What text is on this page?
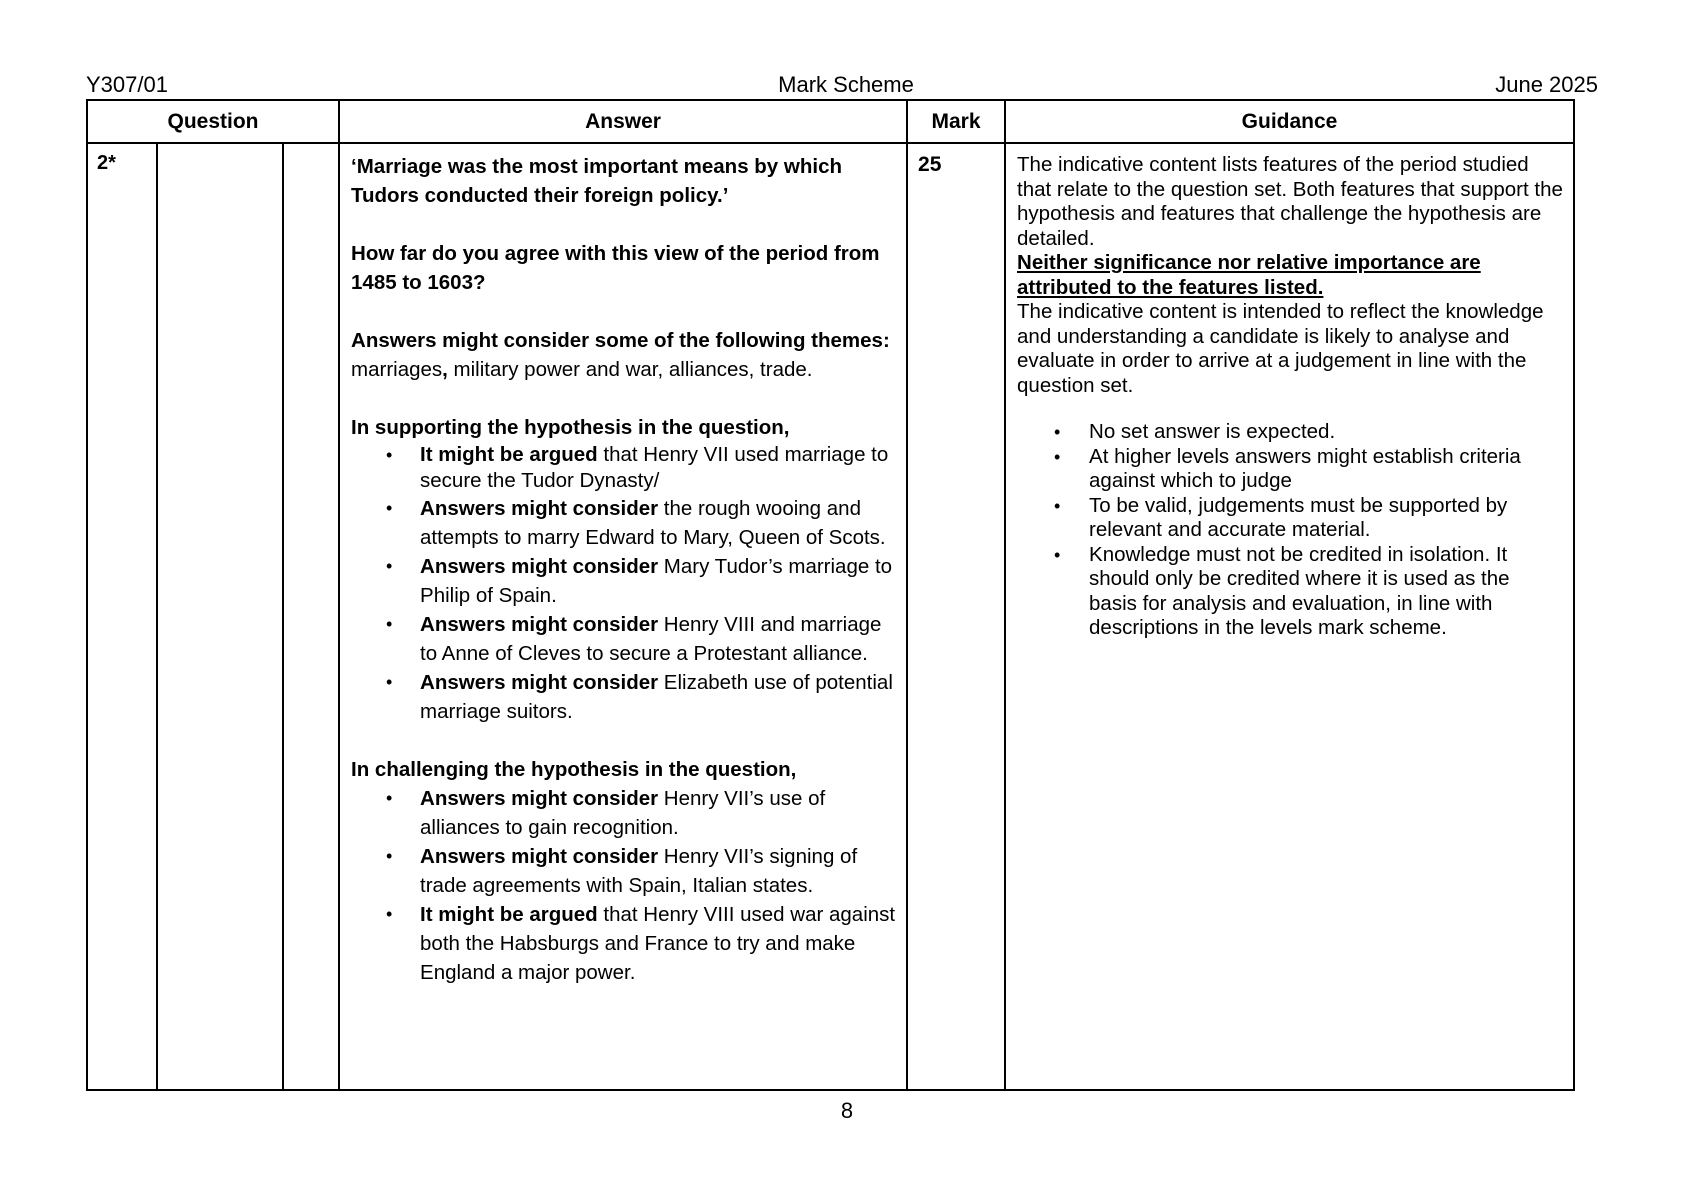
Y307/01	Mark Scheme	June 2025
Question			Answer	Mark	Guidance

2*			‘Marriage was the most important means by which Tudors conducted their foreign policy.’

How far do you agree with this view of the period from 1485 to 1603?

Answers might consider some of the following themes: marriages, military power and war, alliances, trade.

In supporting the hypothesis in the question,

• It might be argued that Henry VII used marriage to secure the Tudor Dynasty/
• Answers might consider the rough wooing and attempts to marry Edward to Mary, Queen of Scots.
• Answers might consider Mary Tudor’s marriage to Philip of Spain.
• Answers might consider Henry VIII and marriage to Anne of Cleves to secure a Protestant alliance.
• Answers might consider Elizabeth use of potential marriage suitors.

In challenging the hypothesis in the question,

• Answers might consider Henry VII’s use of alliances to gain recognition.
• Answers might consider Henry VII’s signing of trade agreements with Spain, Italian states.
• It might be argued that Henry VIII used war against both the Habsburgs and France to try and make England a major power.

25	The indicative content lists features of the period studied that relate to the question set. Both features that support the hypothesis and features that challenge the hypothesis are detailed.

Neither significance nor relative importance are attributed to the features listed.

The indicative content is intended to reflect the knowledge and understanding a candidate is likely to analyse and evaluate in order to arrive at a judgement in line with the question set.

• No set answer is expected.
• At higher levels answers might establish criteria against which to judge
• To be valid, judgements must be supported by relevant and accurate material.
• Knowledge must not be credited in isolation. It should only be credited where it is used as the basis for analysis and evaluation, in line with descriptions in the levels mark scheme.
8
